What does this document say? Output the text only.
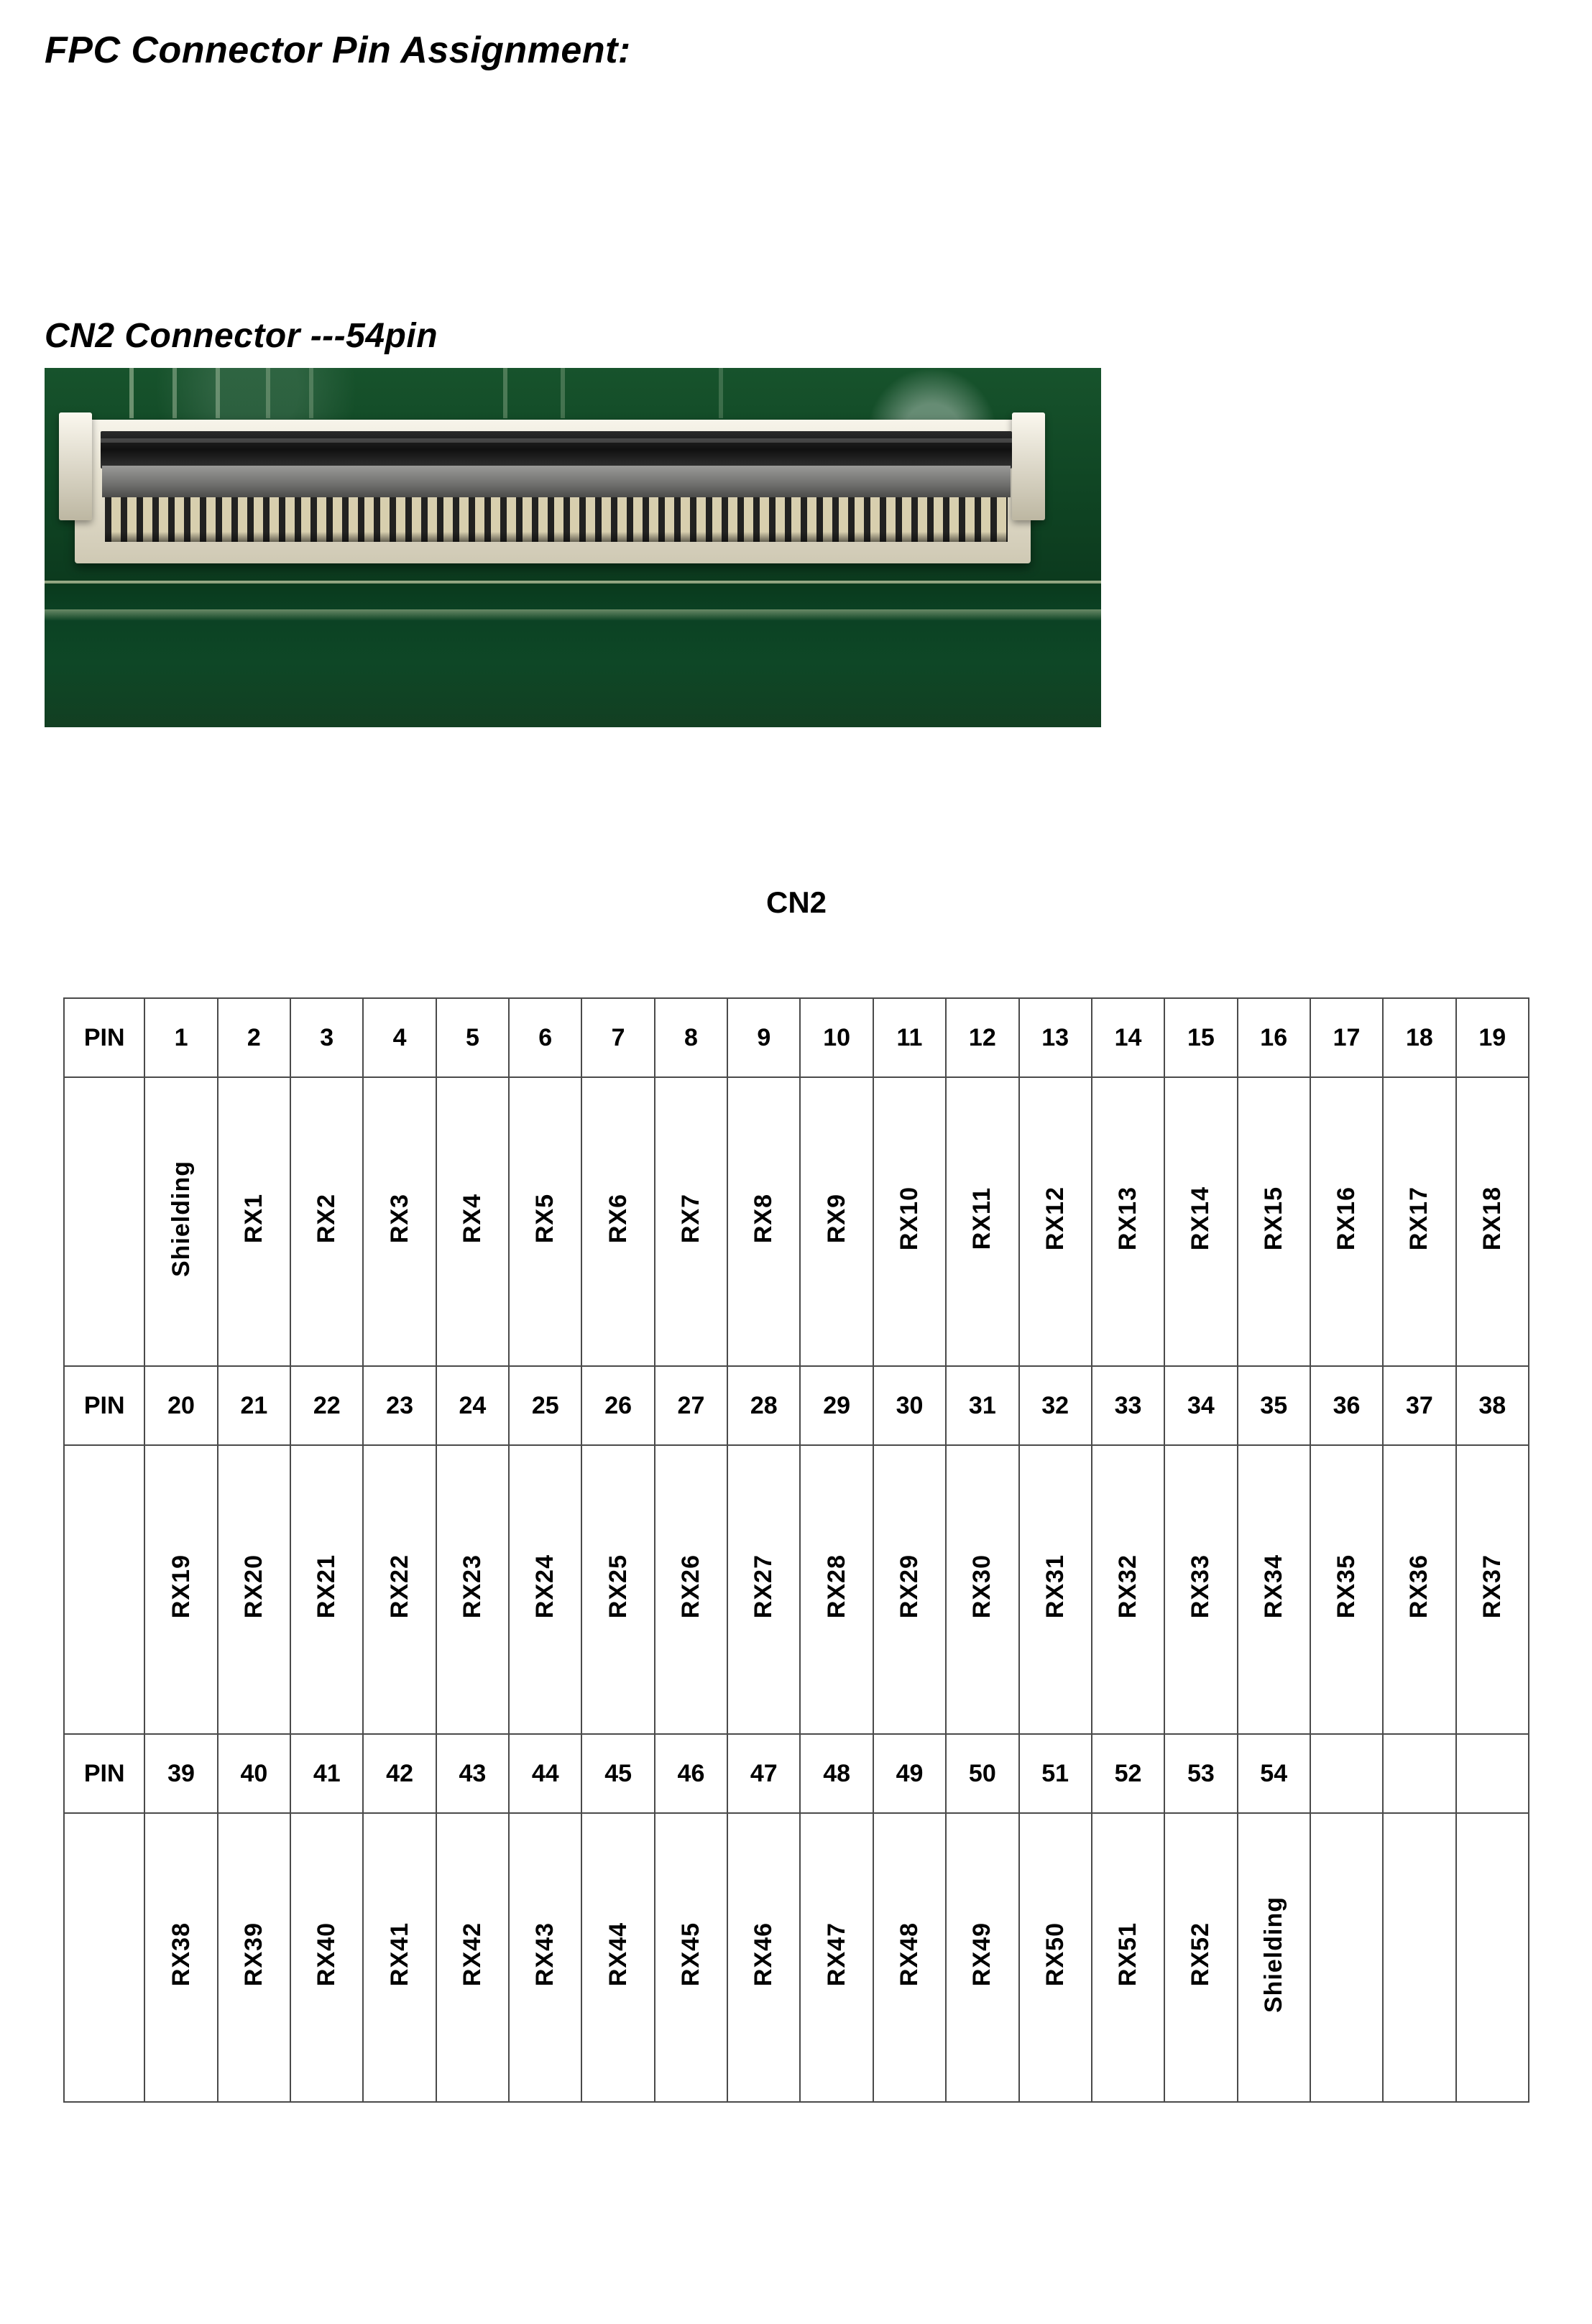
FPC Connector Pin Assignment:
CN2 Connector ---54pin
CN2
PIN	1	2	3	4	5	6	7	8	9	10	11	12	13	14	15	16	17	18	19
	Shielding	RX1	RX2	RX3	RX4	RX5	RX6	RX7	RX8	RX9	RX10	RX11	RX12	RX13	RX14	RX15	RX16	RX17	RX18
PIN	20	21	22	23	24	25	26	27	28	29	30	31	32	33	34	35	36	37	38
	RX19	RX20	RX21	RX22	RX23	RX24	RX25	RX26	RX27	RX28	RX29	RX30	RX31	RX32	RX33	RX34	RX35	RX36	RX37
PIN	39	40	41	42	43	44	45	46	47	48	49	50	51	52	53	54			
	RX38	RX39	RX40	RX41	RX42	RX43	RX44	RX45	RX46	RX47	RX48	RX49	RX50	RX51	RX52	Shielding			
